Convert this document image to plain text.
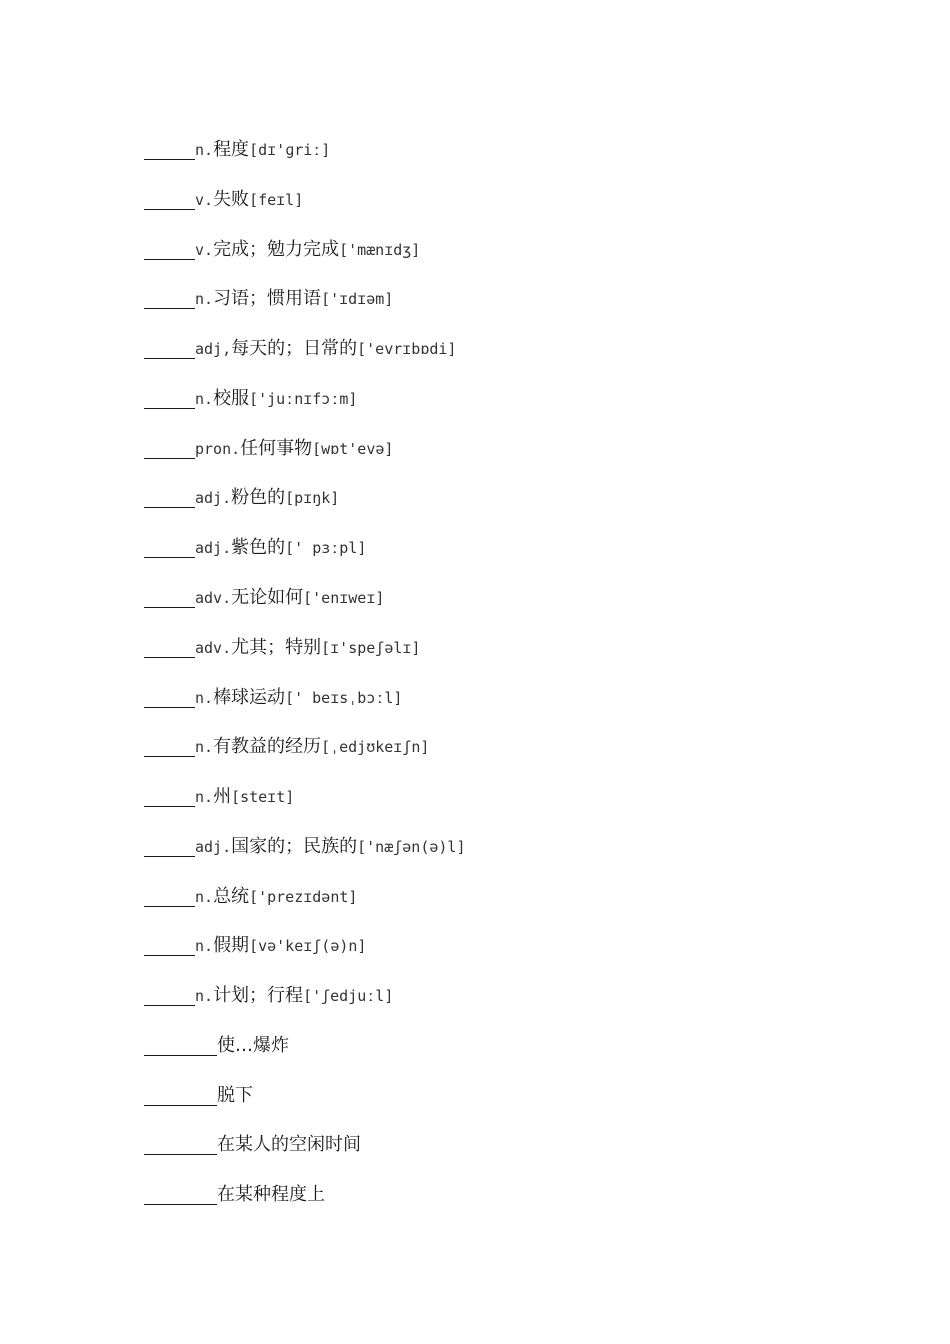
n. 程度 [dɪ'ɡriː]
v. 失败 [feɪl]
v. 完成；勉力完成 ['mænɪdʒ]
n. 习语；惯用语 ['ɪdɪəm]
adj, 每天的；日常的 ['evrɪbɒdi]
n. 校服 ['juːnɪfɔːm]
pron. 任何事物 [wɒt'evə]
adj. 粉色的 [pɪŋk]
adj. 紫色的 [' pɜːpl]
adv. 无论如何 ['enɪweɪ]
adv. 尤其；特别 [ɪ'speʃəlɪ]
n. 棒球运动 [' beɪsˌbɔːl]
n. 有教益的经历 [ˌedjʊkeɪʃn]
n. 州 [steɪt]
adj. 国家的；民族的 ['næʃən(ə)l]
n. 总统 ['prezɪdənt]
n. 假期 [və'keɪʃ(ə)n]
n. 计划；行程 ['ʃedjuːl]
使…爆炸
脱下
在某人的空闲时间
在某种程度上
